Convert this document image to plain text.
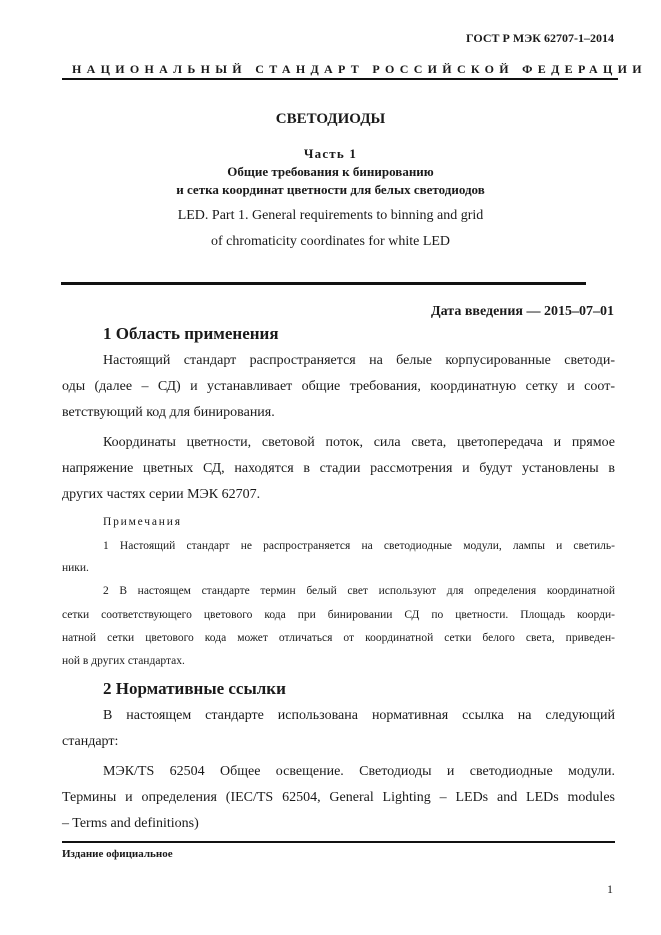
ГОСТ Р МЭК 62707-1–2014
НАЦИОНАЛЬНЫЙ СТАНДАРТ РОССИЙСКОЙ ФЕДЕРАЦИИ
СВЕТОДИОДЫ
Часть 1
Общие требования к бинированию
и сетка координат цветности для белых светодиодов
LED. Part 1. General requirements to binning and grid
of chromaticity coordinates for white LED
Дата введения — 2015–07–01
1 Область применения
Настоящий стандарт распространяется на белые корпусированные светоди-
оды (далее – СД) и устанавливает общие требования, координатную сетку и соот-
ветствующий код для бинирования.
Координаты цветности, световой поток, сила света, цветопередача и прямое
напряжение цветных СД, находятся в стадии рассмотрения и будут установлены в
других частях серии МЭК 62707.
Примечания
1 Настоящий стандарт не распространяется на светодиодные модули, лампы и светиль-
ники.
2 В настоящем стандарте термин белый свет используют для определения координатной
сетки соответствующего цветового кода при бинировании СД по цветности. Площадь коорди-
натной сетки цветового кода может отличаться от координатной сетки белого света, приведен-
ной в других стандартах.
2 Нормативные ссылки
В настоящем стандарте использована нормативная ссылка на следующий
стандарт:
МЭК/TS 62504 Общее освещение. Светодиоды и светодиодные модули.
Термины и определения (IEC/TS 62504, General Lighting – LEDs and LEDs modules
– Terms and definitions)
Издание официальное
1
